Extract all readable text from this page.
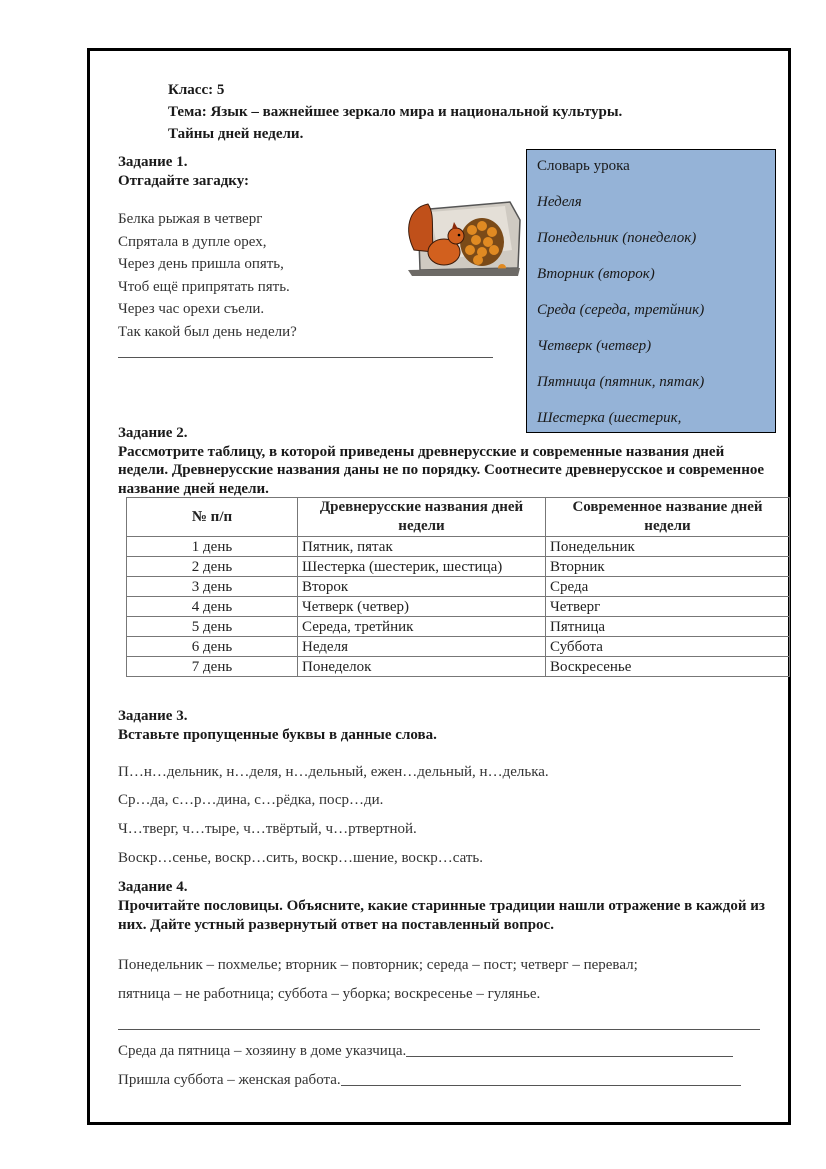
Класс: 5
Тема: Язык – важнейшее зеркало мира и национальной культуры.
Тайны дней недели.
Задание 1.
Отгадайте загадку:
Белка рыжая в четверг
Спрятала в дупле орех,
Через день пришла опять,
Чтоб ещё припрятать пять.
Через час орехи съели.
Так какой был день недели?
Словарь урока
Неделя
Понедельник (понеделок)
Вторник (второк)
Среда (середа, третйник)
Четверк (четвер)
Пятница (пятник, пятак)
Шестерка (шестерик,
Задание 2.
Рассмотрите таблицу, в которой приведены древнерусские и современные названия дней недели. Древнерусские названия даны не по порядку. Соотнесите древнерусское и современное название дней недели.
№ п/п	Древнерусские названия дней недели	Современное название дней недели
1 день	Пятник, пятак	Понедельник
2 день	Шестерка (шестерик, шестица)	Вторник
3 день	Второк	Среда
4 день	Четверк (четвер)	Четверг
5 день	Середа, третйник	Пятница
6 день	Неделя	Суббота
7 день	Понеделок	Воскресенье
Задание 3.
Вставьте пропущенные буквы в данные слова.
П…н…дельник, н…деля, н…дельный, ежен…дельный, н…делька.
Ср…да, с…р…дина, с…рёдка, поср…ди.
Ч…тверг, ч…тыре, ч…твёртый, ч…ртвертной.
Воскр…сенье, воскр…сить, воскр…шение, воскр…сать.
Задание 4.
Прочитайте пословицы. Объясните, какие старинные традиции нашли отражение в каждой из них. Дайте устный развернутый ответ на поставленный вопрос.
Понедельник – похмелье; вторник – повторник; середа – пост; четверг – перевал;
пятница – не работница; суббота – уборка; воскресенье – гулянье.
Среда да пятница – хозяину в доме указчица.
Пришла суббота – женская работа.
